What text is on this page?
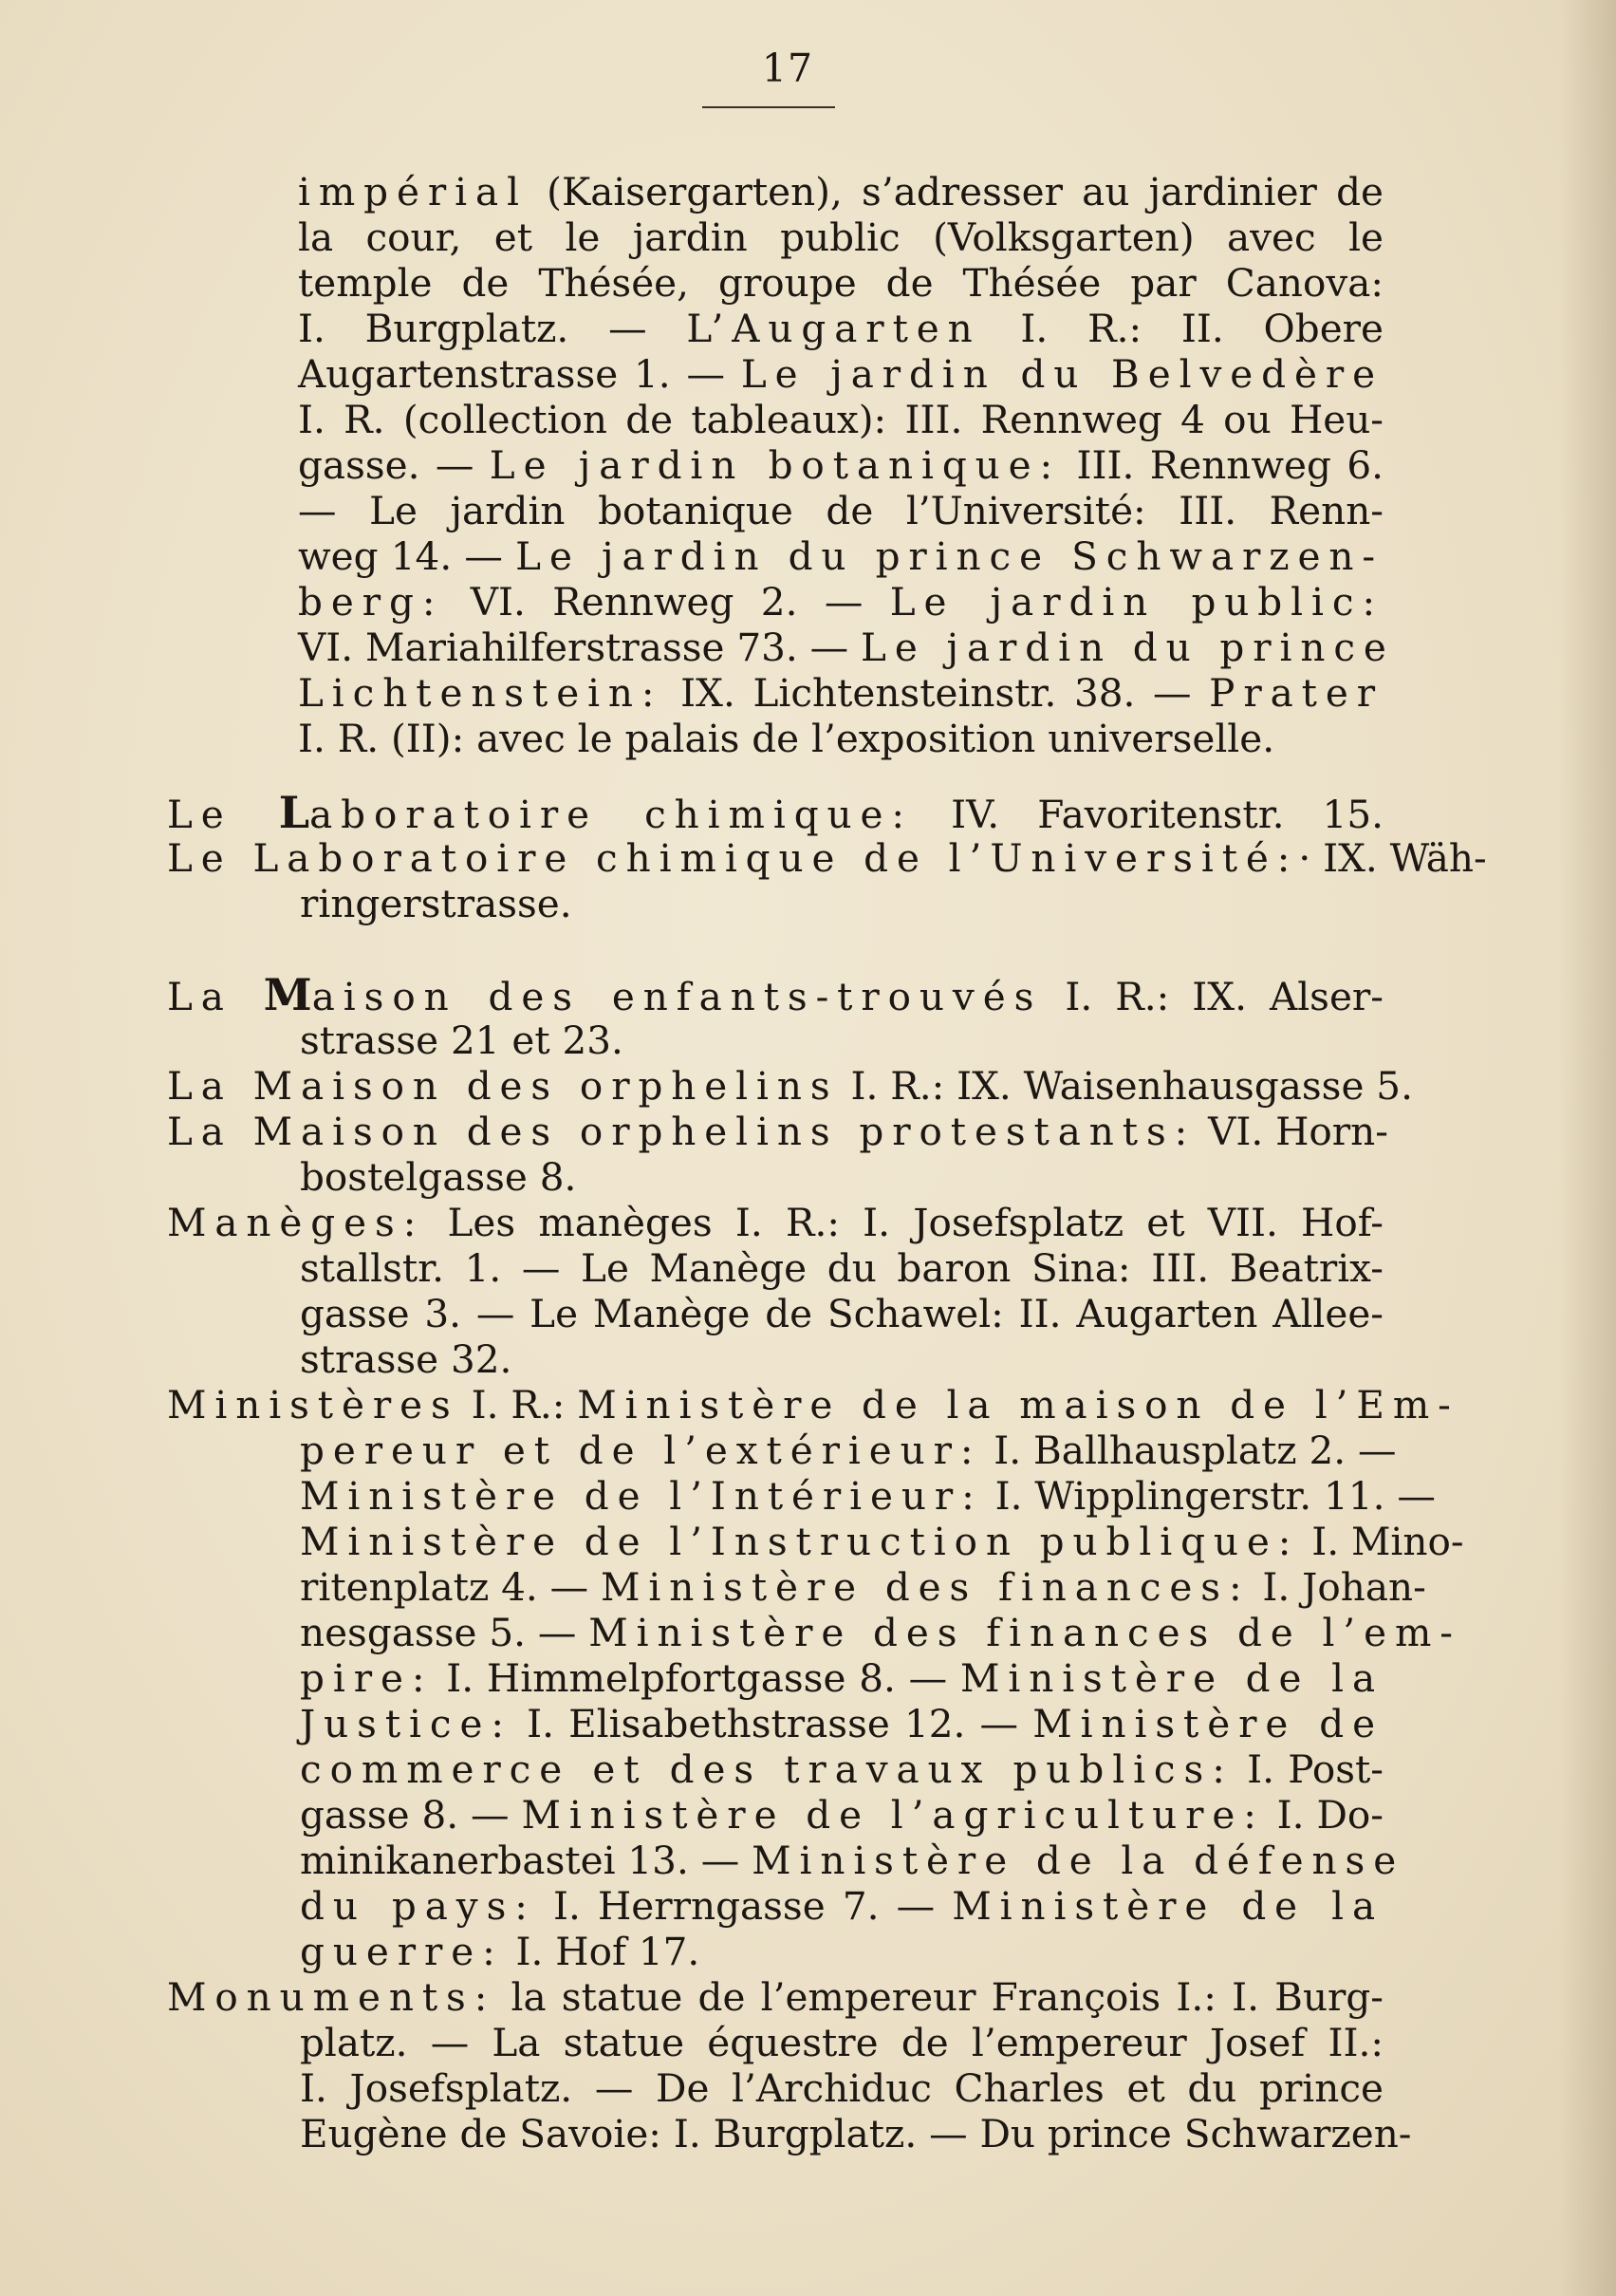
17
impérial (Kaisergarten), s’adresser au jardinier de
la cour, et le jardin public (Volksgarten) avec le
temple de Thésée, groupe de Thésée par Canova:
I. Burgplatz. — L’Augarten I. R.: II. Obere
Augartenstrasse 1. — Le jardin du Belvedère
I. R. (collection de tableaux): III. Rennweg 4 ou Heu-
gasse. — Le jardin botanique: III. Rennweg 6.
— Le jardin botanique de l’Université: III. Renn-
weg 14. — Le jardin du prince Schwarzen-
berg: VI. Rennweg 2. — Le jardin public:
VI. Mariahilferstrasse 73. — Le jardin du prince
Lichtenstein: IX. Lichtensteinstr. 38. — Prater
I. R. (II): avec le palais de l’exposition universelle.
Le Laboratoire chimique: IV. Favoritenstr. 15.
Le Laboratoire chimique de l’Université:· IX. Wäh-
ringerstrasse.
La Maison des enfants-trouvés I. R.: IX. Alser-
strasse 21 et 23.
La Maison des orphelins I. R.: IX. Waisenhausgasse 5.
La Maison des orphelins protestants: VI. Horn-
bostelgasse 8.
Manèges: Les manèges I. R.: I. Josefsplatz et VII. Hof-
stallstr. 1. — Le Manège du baron Sina: III. Beatrix-
gasse 3. — Le Manège de Schawel: II. Augarten Allee-
strasse 32.
Ministères I. R.: Ministère de la maison de l’Em-
pereur et de l’extérieur: I. Ballhausplatz 2. —
Ministère de l’Intérieur: I. Wipplingerstr. 11. —
Ministère de l’Instruction publique: I. Mino-
ritenplatz 4. — Ministère des finances: I. Johan-
nesgasse 5. — Ministère des finances de l’em-
pire: I. Himmelpfortgasse 8. — Ministère de la
Justice: I. Elisabethstrasse 12. — Ministère de
commerce et des travaux publics: I. Post-
gasse 8. — Ministère de l’agriculture: I. Do-
minikanerbastei 13. — Ministère de la défense
du pays: I. Herrngasse 7. — Ministère de la
guerre: I. Hof 17.
Monuments: la statue de l’empereur François I.: I. Burg-
platz. — La statue équestre de l’empereur Josef II.:
I. Josefsplatz. — De l’Archiduc Charles et du prince
Eugène de Savoie: I. Burgplatz. — Du prince Schwarzen-
